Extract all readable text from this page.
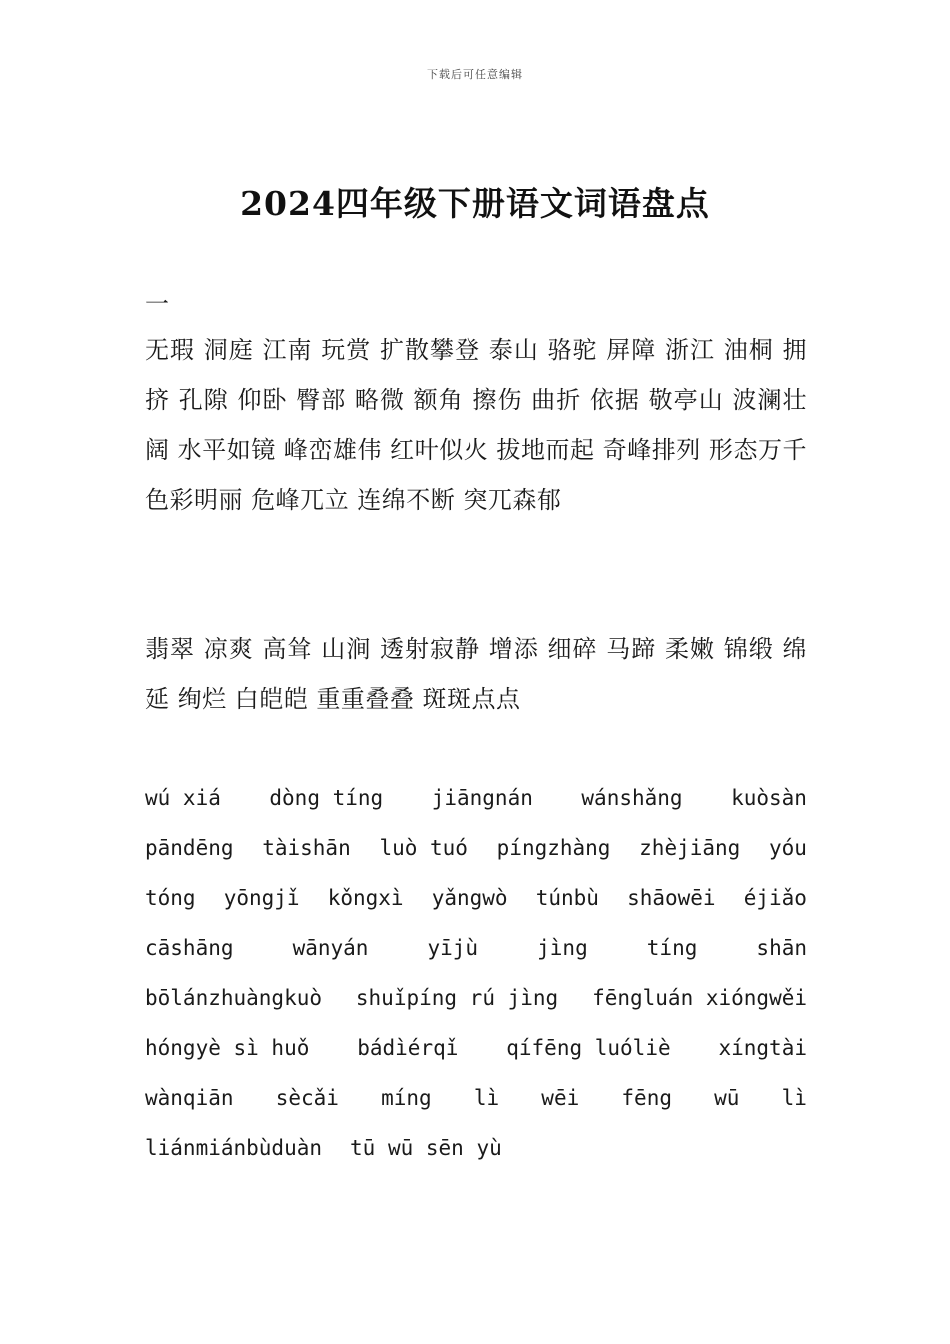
下载后可任意编辑
2024四年级下册语文词语盘点
一
无瑕 洞庭 江南 玩赏 扩散攀登 泰山 骆驼 屏障 浙江 油桐 拥挤 孔隙 仰卧 臀部 略微 额角 擦伤 曲折 依据 敬亭山 波澜壮阔 水平如镜 峰峦雄伟 红叶似火 拔地而起 奇峰排列 形态万千色彩明丽 危峰兀立 连绵不断 突兀森郁
翡翠 凉爽 高耸 山涧 透射寂静 增添 细碎 马蹄 柔嫩 锦缎 绵延 绚烂 白皑皑 重重叠叠 斑斑点点
wú xiá dòng tíng jiāngnán wánshǎng kuòsàn
pāndēng tàishān luò tuó píngzhàng zhèjiāng yóu
tóng yōngjǐ kǒngxì yǎngwò túnbù shāowēi éjiǎo
cāshāng	wānyán	yījù	jìng	tíng	shān
bōlánzhuàngkuò shuǐpíng rú jìng fēngluán xióngwěi
hóngyè sì huǒ bádìérqǐ qífēng luóliè xíngtài
wànqiān sècǎi míng lì wēi fēng wū lì
liánmiánbùduàn tū wū sēn yù
